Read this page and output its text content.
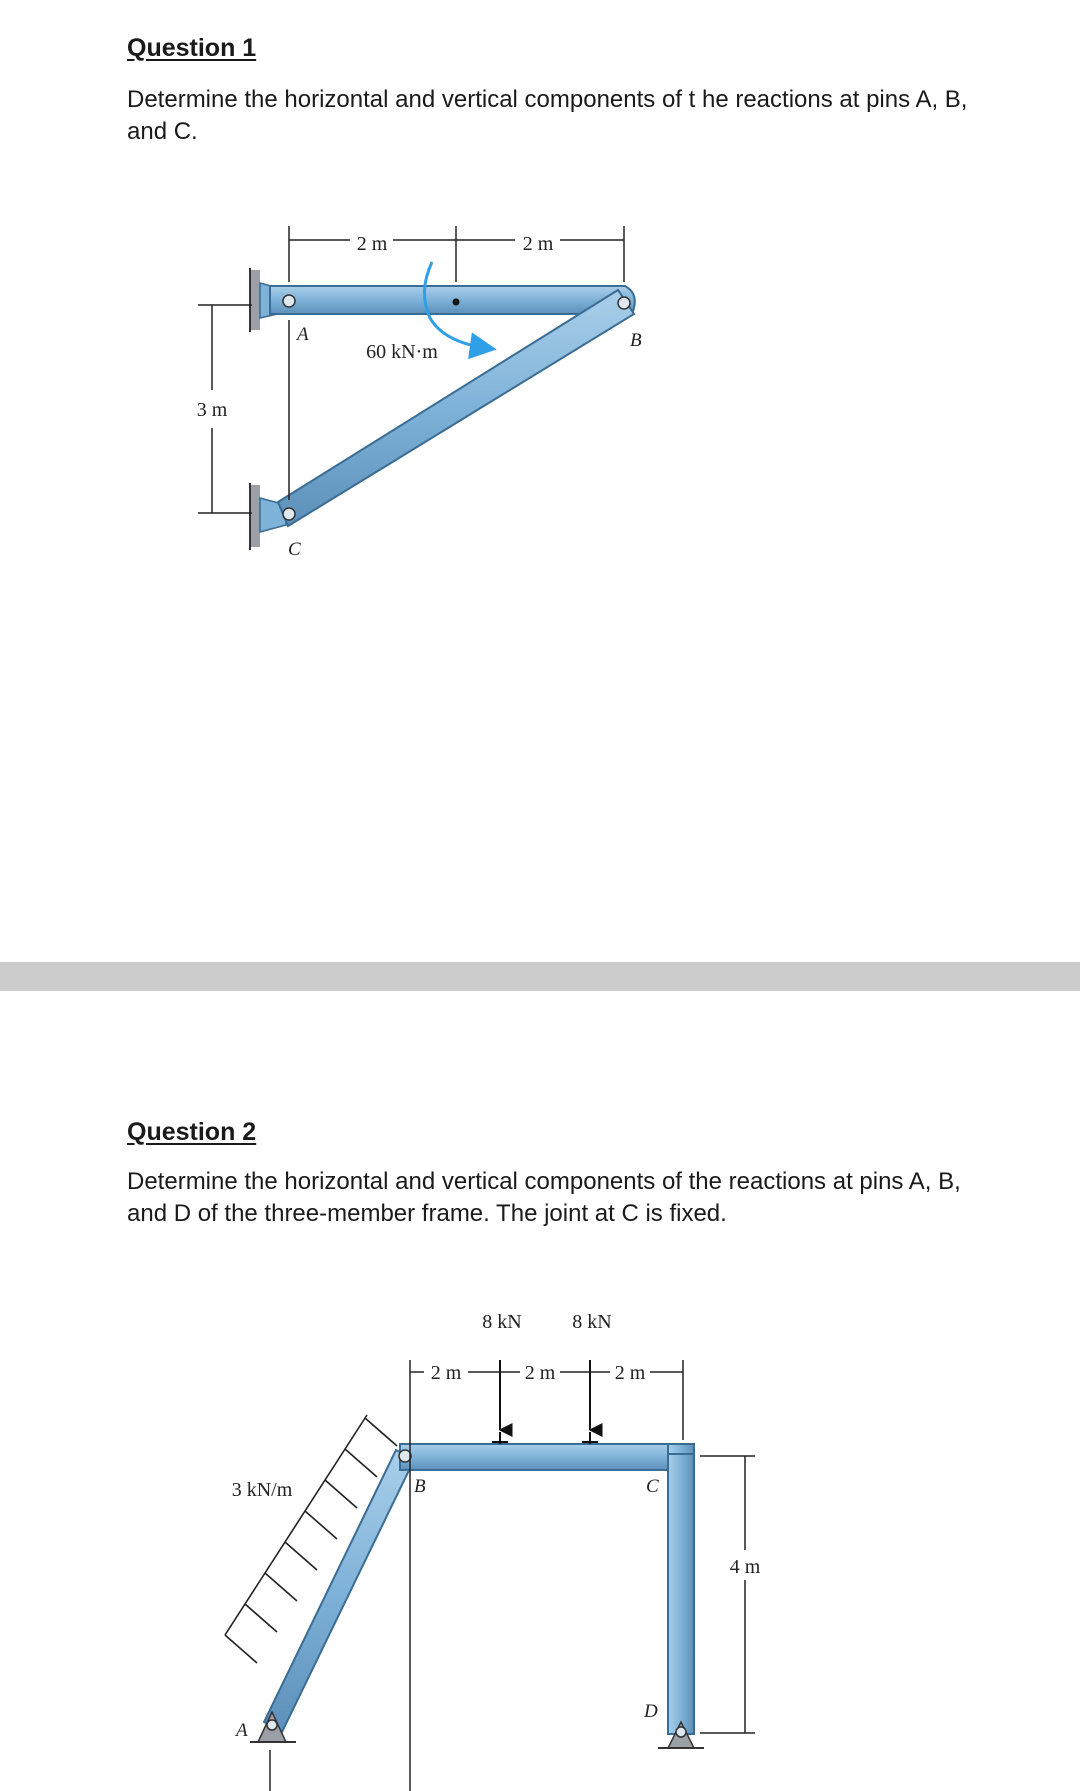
Question 1

Determine the horizontal and vertical components of t he reactions at pins A, B, and C.

2 m	2 m
3 m
60 kN·m
A	B
C
Question 2

Determine the horizontal and vertical components of the reactions at pins A, B, and D of the three-member frame. The joint at C is fixed.

8 kN	8 kN
2 m	2 m	2 m
4 m
3 kN/m
A
B	C
D
